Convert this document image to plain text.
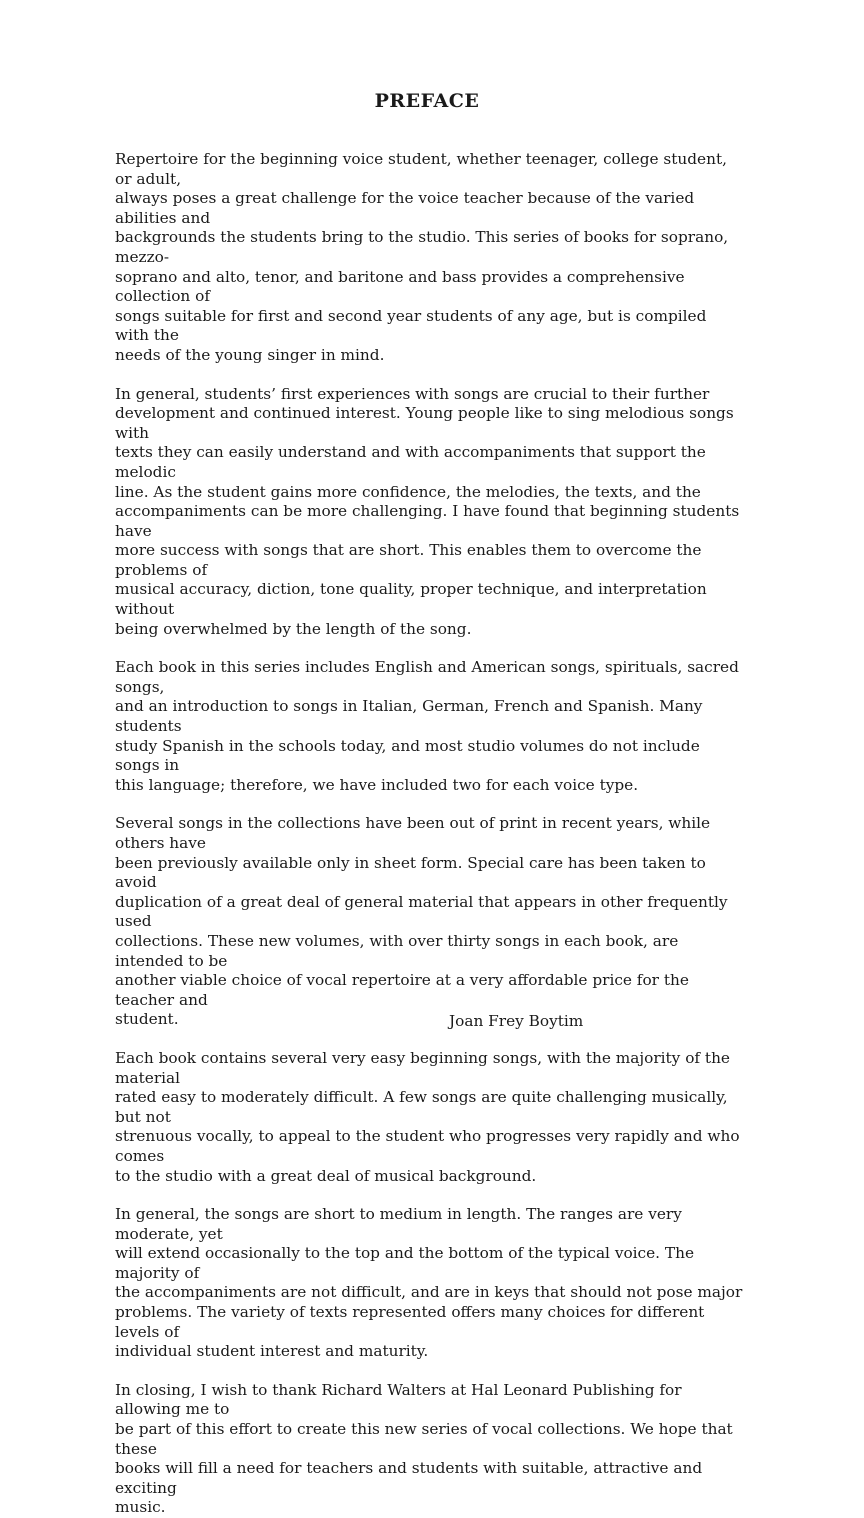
PREFACE

Repertoire for the beginning voice student, whether teenager, college student, or adult,
always poses a great challenge for the voice teacher because of the varied abilities and
backgrounds the students bring to the studio. This series of books for soprano, mezzo-
soprano and alto, tenor, and baritone and bass provides a comprehensive collection of
songs suitable for first and second year students of any age, but is compiled with the
needs of the young singer in mind.

In general, students’ first experiences with songs are crucial to their further
development and continued interest. Young people like to sing melodious songs with
texts they can easily understand and with accompaniments that support the melodic
line. As the student gains more confidence, the melodies, the texts, and the
accompaniments can be more challenging. I have found that beginning students have
more success with songs that are short. This enables them to overcome the problems of
musical accuracy, diction, tone quality, proper technique, and interpretation without
being overwhelmed by the length of the song.

Each book in this series includes English and American songs, spirituals, sacred songs,
and an introduction to songs in Italian, German, French and Spanish. Many students
study Spanish in the schools today, and most studio volumes do not include songs in
this language; therefore, we have included two for each voice type.

Several songs in the collections have been out of print in recent years, while others have
been previously available only in sheet form. Special care has been taken to avoid
duplication of a great deal of general material that appears in other frequently used
collections. These new volumes, with over thirty songs in each book, are intended to be
another viable choice of vocal repertoire at a very affordable price for the teacher and
student.

Each book contains several very easy beginning songs, with the majority of the material
rated easy to moderately difficult. A few songs are quite challenging musically, but not
strenuous vocally, to appeal to the student who progresses very rapidly and who comes
to the studio with a great deal of musical background.

In general, the songs are short to medium in length. The ranges are very moderate, yet
will extend occasionally to the top and the bottom of the typical voice. The majority of
the accompaniments are not difficult, and are in keys that should not pose major
problems. The variety of texts represented offers many choices for different levels of
individual student interest and maturity.

In closing, I wish to thank Richard Walters at Hal Leonard Publishing for allowing me to
be part of this effort to create this new series of vocal collections. We hope that these
books will fill a need for teachers and students with suitable, attractive and exciting
music.

Joan Frey Boytim
